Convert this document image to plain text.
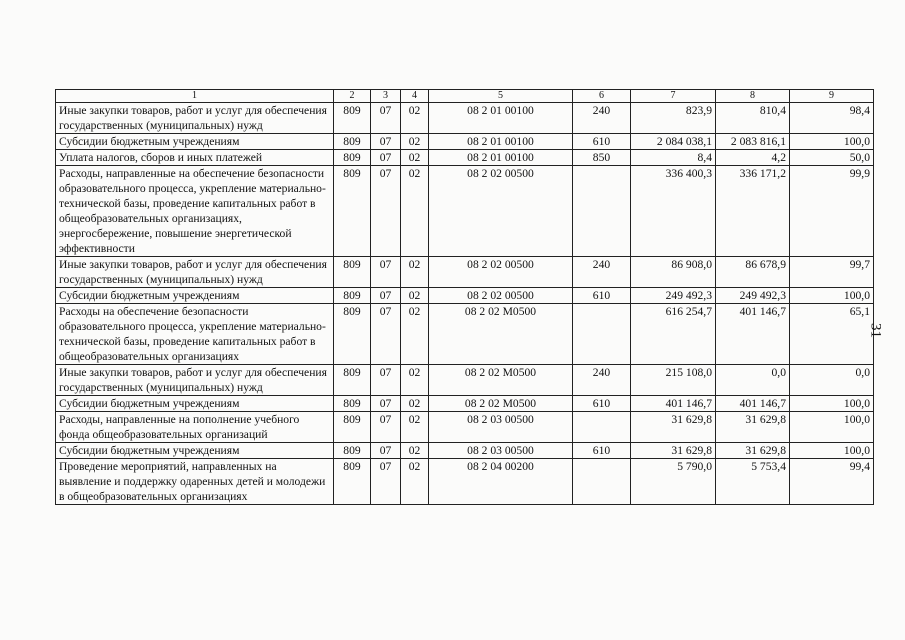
1	2	3	4	5	6	7	8	9
Иные закупки товаров, работ и услуг для обеспечения государственных (муниципальных) нужд	809	07	02	08 2 01 00100	240	823,9	810,4	98,4
Субсидии бюджетным учреждениям	809	07	02	08 2 01 00100	610	2 084 038,1	2 083 816,1	100,0
Уплата налогов, сборов и иных платежей	809	07	02	08 2 01 00100	850	8,4	4,2	50,0
Расходы, направленные на обеспечение безопасности образовательного процесса, укрепление материально-технической базы, проведение капитальных работ в общеобразовательных организациях, энергосбережение, повышение энергетической эффективности	809	07	02	08 2 02 00500		336 400,3	336 171,2	99,9
Иные закупки товаров, работ и услуг для обеспечения государственных (муниципальных) нужд	809	07	02	08 2 02 00500	240	86 908,0	86 678,9	99,7
Субсидии бюджетным учреждениям	809	07	02	08 2 02 00500	610	249 492,3	249 492,3	100,0
Расходы на обеспечение безопасности образовательного процесса, укрепление материально-технической базы, проведение капитальных работ в общеобразовательных организациях	809	07	02	08 2 02 M0500		616 254,7	401 146,7	65,1
Иные закупки товаров, работ и услуг для обеспечения государственных (муниципальных) нужд	809	07	02	08 2 02 M0500	240	215 108,0	0,0	0,0
Субсидии бюджетным учреждениям	809	07	02	08 2 02 M0500	610	401 146,7	401 146,7	100,0
Расходы, направленные на пополнение учебного фонда общеобразовательных организаций	809	07	02	08 2 03 00500		31 629,8	31 629,8	100,0
Субсидии бюджетным учреждениям	809	07	02	08 2 03 00500	610	31 629,8	31 629,8	100,0
Проведение мероприятий, направленных на выявление и поддержку одаренных детей и молодежи в общеобразовательных организациях	809	07	02	08 2 04 00200		5 790,0	5 753,4	99,4
31
